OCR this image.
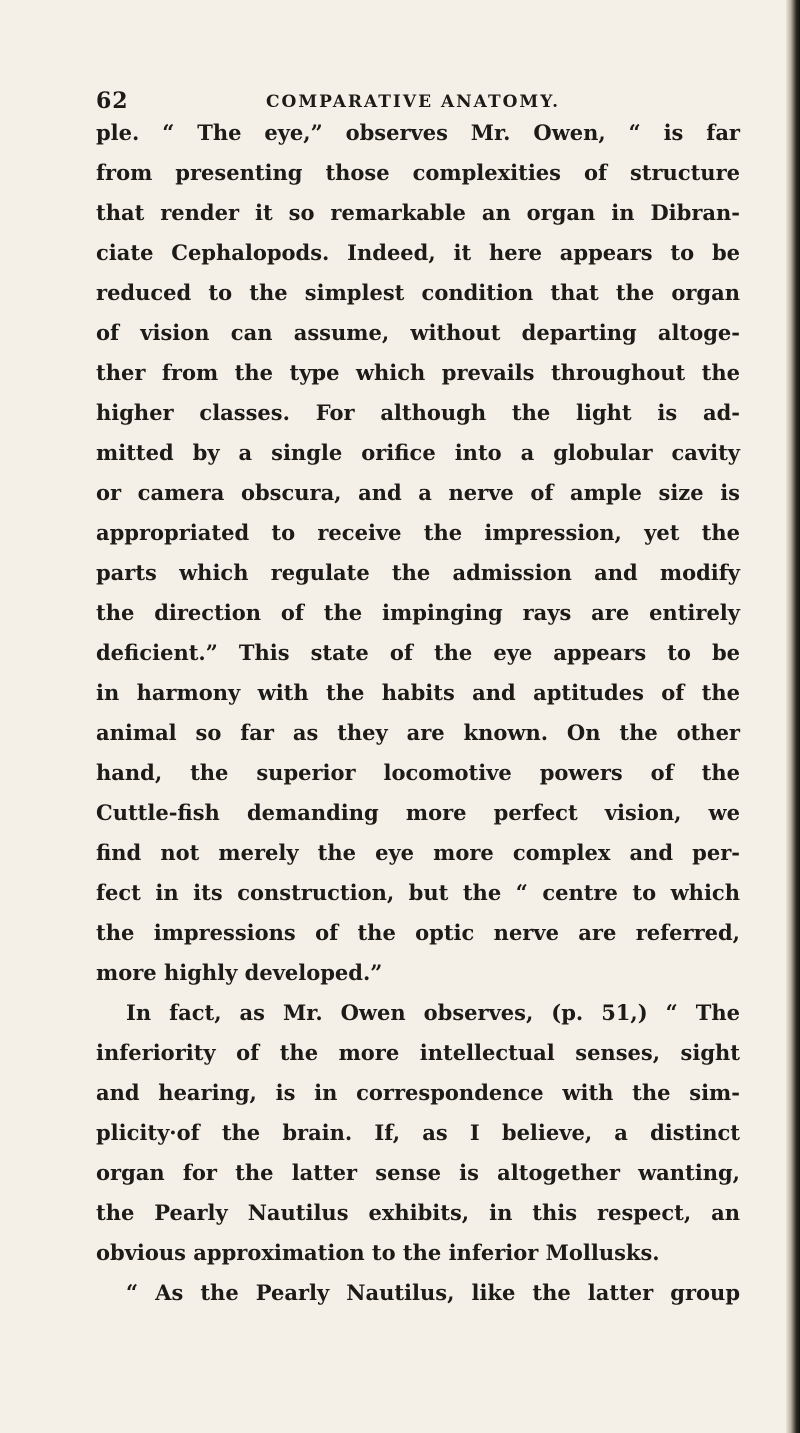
62	COMPARATIVE ANATOMY.
ple. “ The eye,” observes Mr. Owen, “ is far
from presenting those complexities of structure
that render it so remarkable an organ in Dibran-
ciate Cephalopods. Indeed, it here appears to be
reduced to the simplest condition that the organ
of vision can assume, without departing altoge-
ther from the type which prevails throughout the
higher classes. For although the light is ad-
mitted by a single orifice into a globular cavity
or camera obscura, and a nerve of ample size is
appropriated to receive the impression, yet the
parts which regulate the admission and modify
the direction of the impinging rays are entirely
deficient.” This state of the eye appears to be
in harmony with the habits and aptitudes of the
animal so far as they are known. On the other
hand, the superior locomotive powers of the
Cuttle-fish demanding more perfect vision, we
find not merely the eye more complex and per-
fect in its construction, but the “ centre to which
the impressions of the optic nerve are referred,
more highly developed.”
In fact, as Mr. Owen observes, (p. 51,) “ The
inferiority of the more intellectual senses, sight
and hearing, is in correspondence with the sim-
plicity·of the brain. If, as I believe, a distinct
organ for the latter sense is altogether wanting,
the Pearly Nautilus exhibits, in this respect, an
obvious approximation to the inferior Mollusks.
“ As the Pearly Nautilus, like the latter group
